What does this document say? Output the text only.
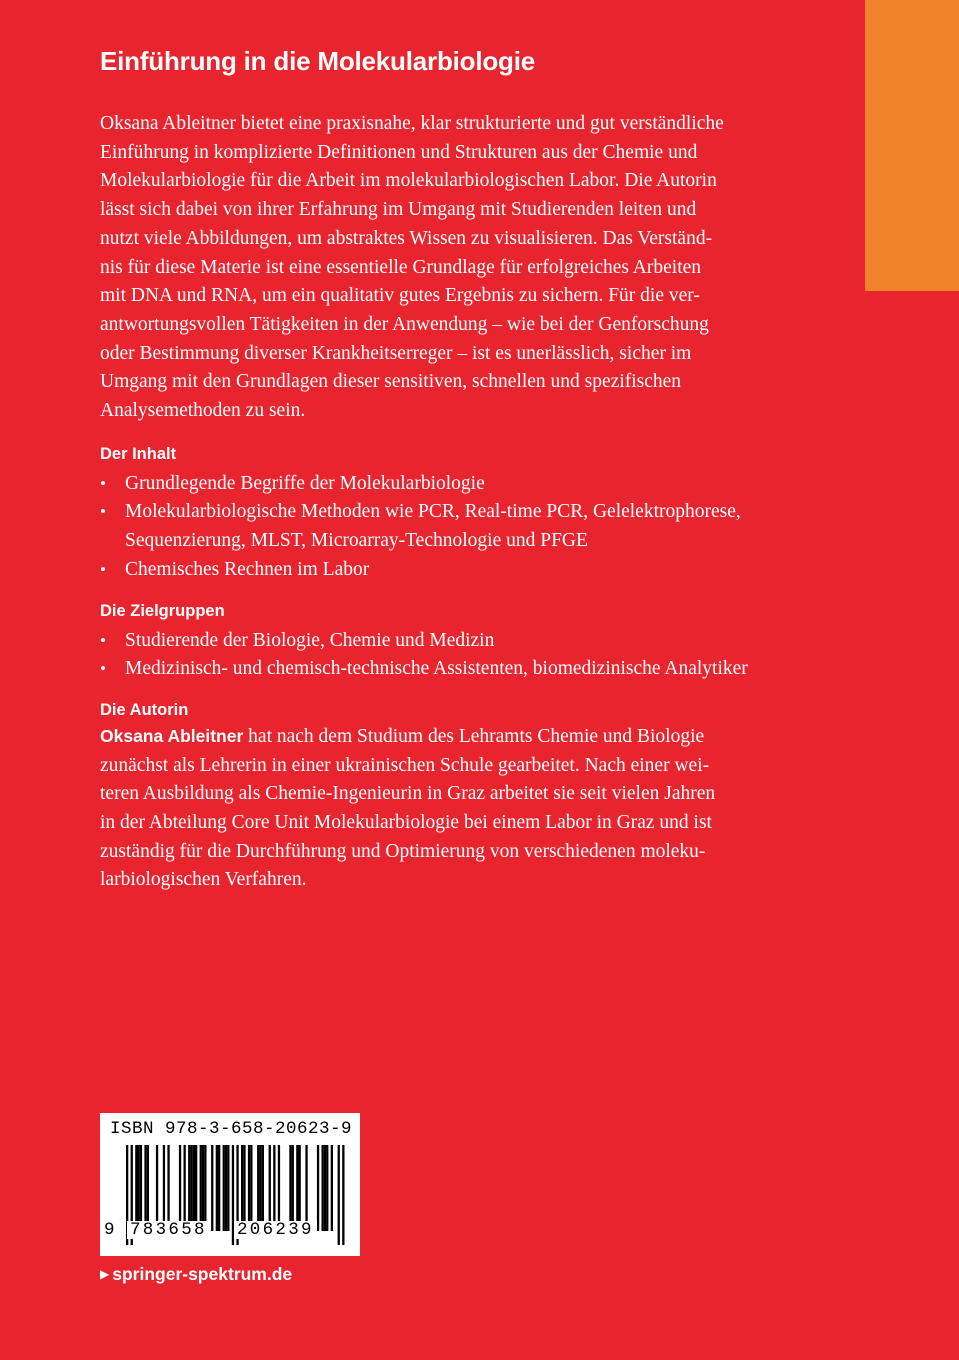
Einführung in die Molekularbiologie

Oksana Ableitner bietet eine praxisnahe, klar strukturierte und gut verständliche
Einführung in komplizierte Definitionen und Strukturen aus der Chemie und
Molekularbiologie für die Arbeit im molekularbiologischen Labor. Die Autorin
lässt sich dabei von ihrer Erfahrung im Umgang mit Studierenden leiten und
nutzt viele Abbildungen, um abstraktes Wissen zu visualisieren. Das Verständ-
nis für diese Materie ist eine essentielle Grundlage für erfolgreiches Arbeiten
mit DNA und RNA, um ein qualitativ gutes Ergebnis zu sichern. Für die ver-
antwortungsvollen Tätigkeiten in der Anwendung – wie bei der Genforschung
oder Bestimmung diverser Krankheitserreger – ist es unerlässlich, sicher im
Umgang mit den Grundlagen dieser sensitiven, schnellen und spezifischen
Analysemethoden zu sein.

Der Inhalt
• Grundlegende Begriffe der Molekularbiologie
• Molekularbiologische Methoden wie PCR, Real-time PCR, Gelelektrophorese, Sequenzierung, MLST, Microarray-Technologie und PFGE
• Chemisches Rechnen im Labor
Die Zielgruppen
• Studierende der Biologie, Chemie und Medizin
• Medizinisch- und chemisch-technische Assistenten, biomedizinische Analytiker
Die Autorin

Oksana Ableitner hat nach dem Studium des Lehramts Chemie und Biologie
zunächst als Lehrerin in einer ukrainischen Schule gearbeitet. Nach einer wei-
teren Ausbildung als Chemie-Ingenieurin in Graz arbeitet sie seit vielen Jahren
in der Abteilung Core Unit Molekularbiologie bei einem Labor in Graz und ist
zuständig für die Durchführung und Optimierung von verschiedenen moleku-
larbiologischen Verfahren.

ISBN 978-3-658-20623-9
9 783658 206239
▶ springer-spektrum.de
